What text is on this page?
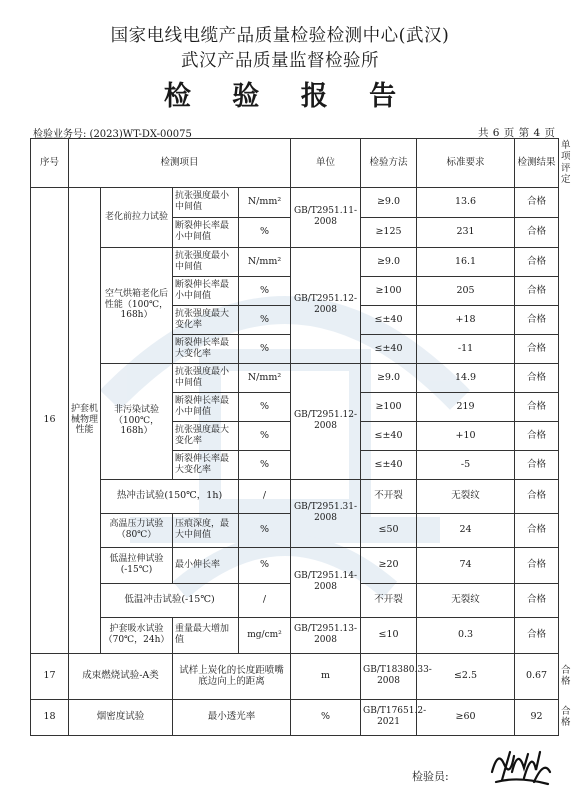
国家电线电缆产品质量检验检测中心(武汉)
武汉产品质量监督检验所
检 验 报 告
检验业务号: (2023)WT-DX-00075	共 6 页 第 4 页
序号	检测项目				单位	检验方法	标准要求	检测结果	单项评定
16	护套机械物理性能	老化前拉力试验	抗张强度最小中间值	N/mm²	GB/T2951.11-2008	≥9.0	13.6	合格	
			断裂伸长率最小中间值	%		≥125	231	合格	
		空气烘箱老化后性能（100℃，168h）	抗张强度最小中间值	N/mm²	GB/T2951.12-2008	≥9.0	16.1	合格	
			断裂伸长率最小中间值	%		≥100	205	合格	
			抗张强度最大变化率	%		≤±40	+18	合格	
			断裂伸长率最大变化率	%		≤±40	-11	合格	
		非污染试验（100℃，168h）	抗张强度最小中间值	N/mm²	GB/T2951.12-2008	≥9.0	14.9	合格	
			断裂伸长率最小中间值	%		≥100	219	合格	
			抗张强度最大变化率	%		≤±40	+10	合格	
			断裂伸长率最大变化率	%		≤±40	-5	合格	
		热冲击试验(150℃，1h)		/	GB/T2951.31-2008	不开裂	无裂纹	合格	
		高温压力试验（80℃）	压痕深度，最大中间值	%		≤50	24	合格	
		低温拉伸试验(-15℃)	最小伸长率	%	GB/T2951.14-2008	≥20	74	合格	
		低温冲击试验(-15℃)		/		不开裂	无裂纹	合格	
		护套吸水试验（70℃，24h）	重量最大增加值	mg/cm²	GB/T2951.13-2008	≤10	0.3	合格	
17	成束燃烧试验-A类		试样上炭化的长度距喷嘴底边向上的距离		m	GB/T18380.33-2008	≤2.5	0.67	合格
18	烟密度试验		最小透光率		%	GB/T17651.2-2021	≥60	92	合格
检验员:
